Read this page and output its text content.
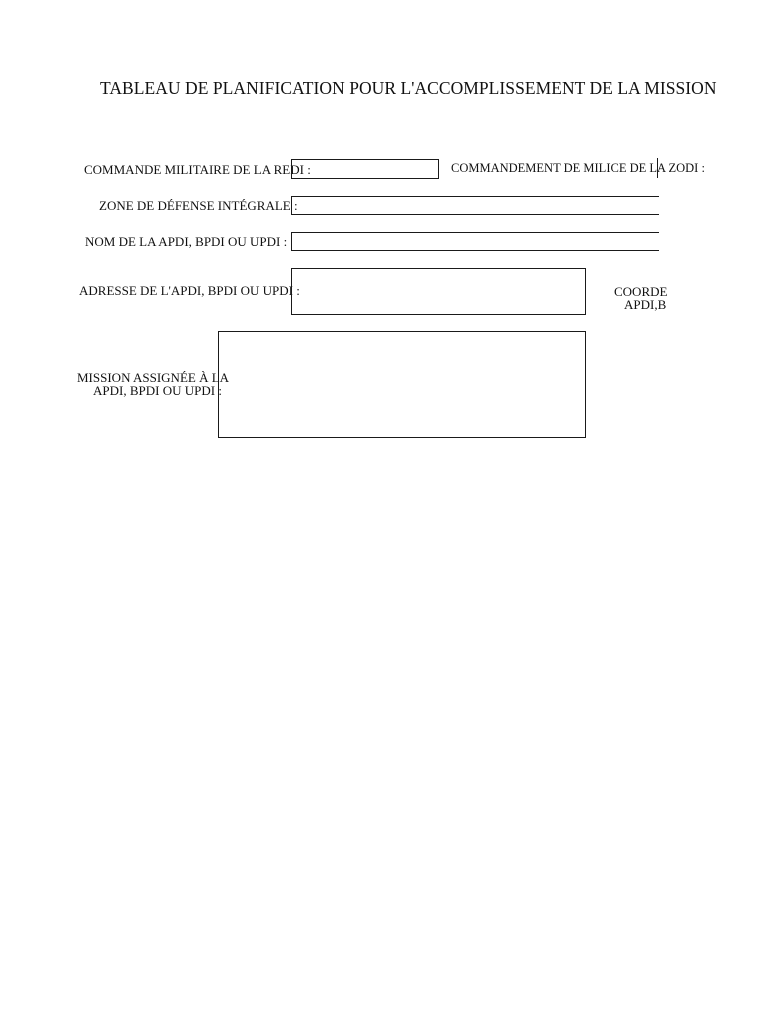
TABLEAU DE PLANIFICATION POUR L'ACCOMPLISSEMENT DE LA MISSION
COMMANDE MILITAIRE DE LA REDI :	COMMANDEMENT DE MILICE DE LA ZODI :
ZONE DE DÉFENSE INTÉGRALE :
NOM DE LA APDI, BPDI OU UPDI :
ADRESSE DE L'APDI, BPDI OU UPDI :	COORDE
APDI,B
MISSION ASSIGNÉE À LA
APDI, BPDI OU UPDI :
